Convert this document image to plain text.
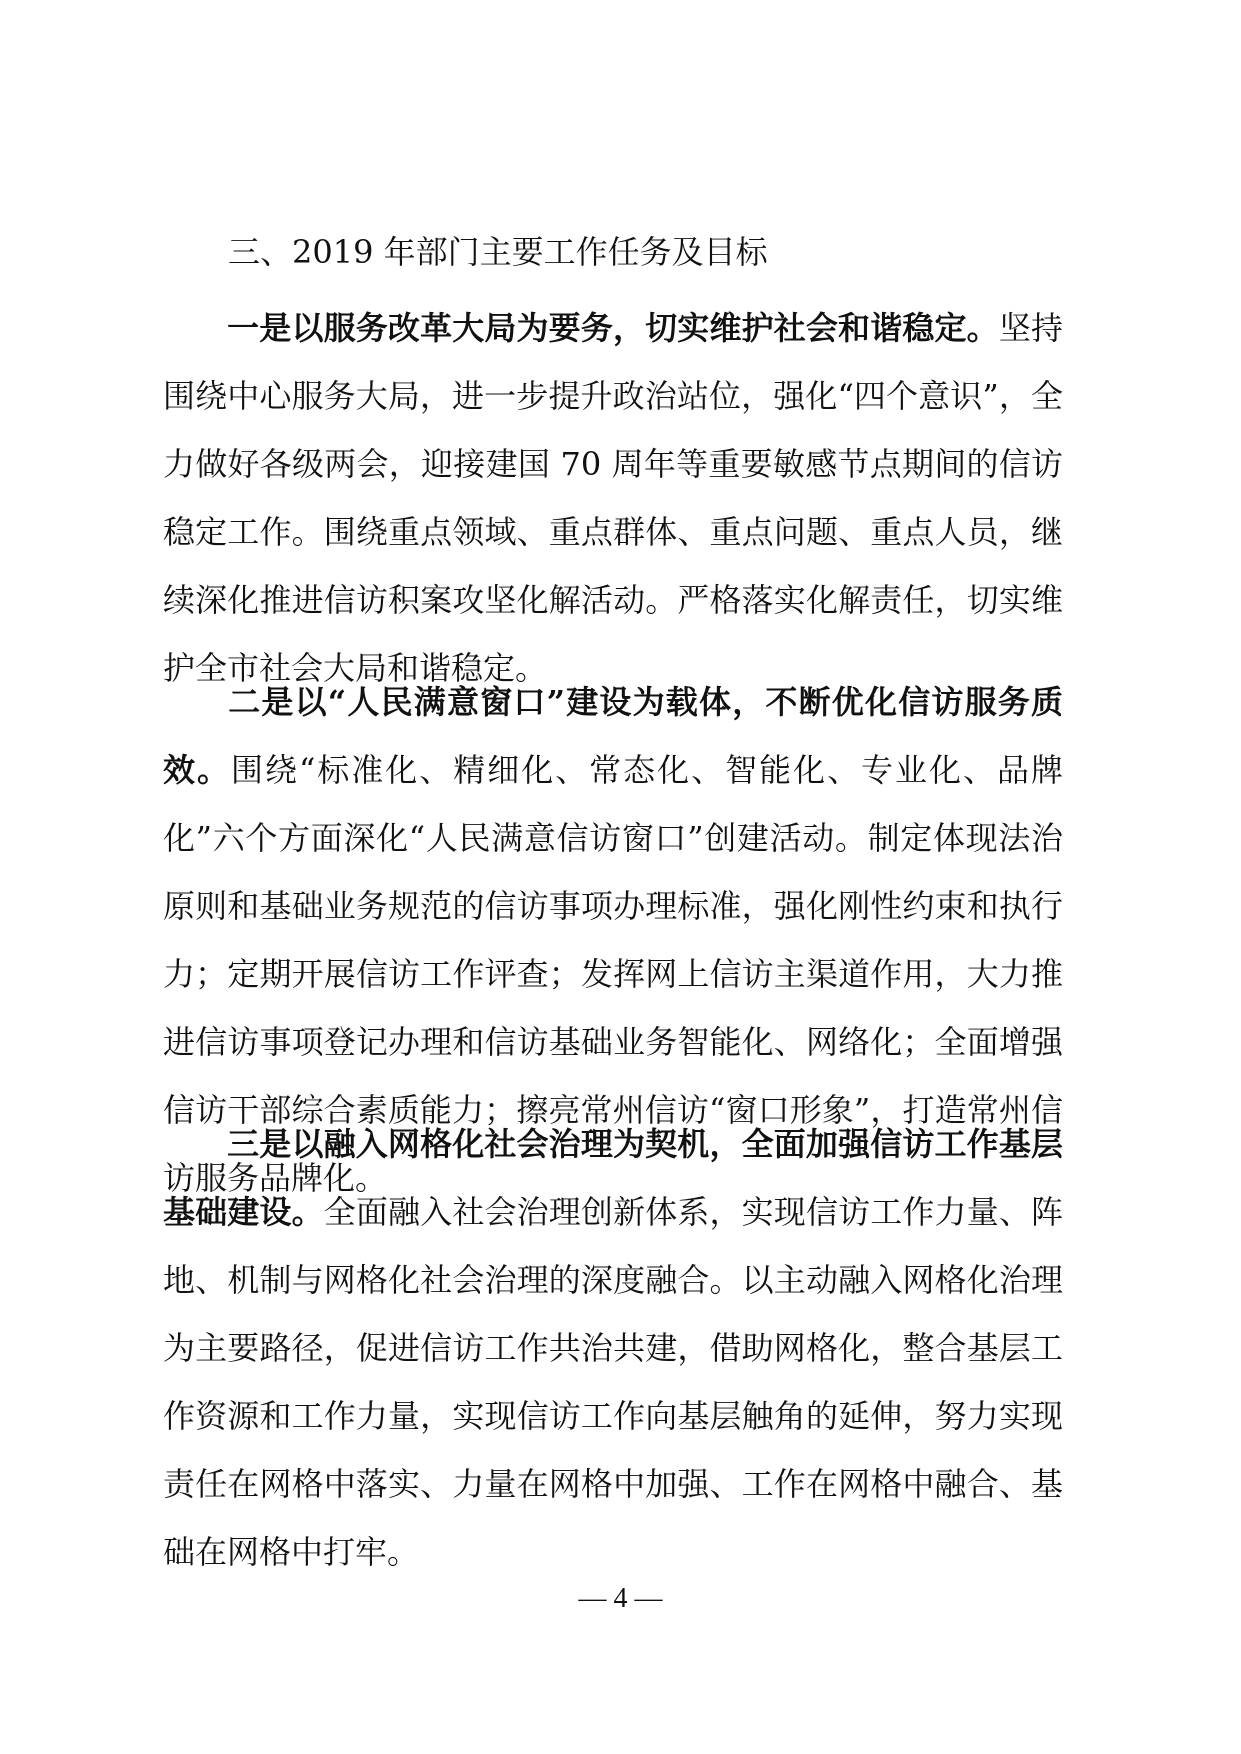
三、2019 年部门主要工作任务及目标
一是以服务改革大局为要务，切实维护社会和谐稳定。坚持围绕中心服务大局，进一步提升政治站位，强化“四个意识”，全力做好各级两会，迎接建国 70 周年等重要敏感节点期间的信访稳定工作。围绕重点领域、重点群体、重点问题、重点人员，继续深化推进信访积案攻坚化解活动。严格落实化解责任，切实维护全市社会大局和谐稳定。
二是以“人民满意窗口”建设为载体，不断优化信访服务质效。围绕“标准化、精细化、常态化、智能化、专业化、品牌化”六个方面深化“人民满意信访窗口”创建活动。制定体现法治原则和基础业务规范的信访事项办理标准，强化刚性约束和执行力；定期开展信访工作评查；发挥网上信访主渠道作用，大力推进信访事项登记办理和信访基础业务智能化、网络化；全面增强信访干部综合素质能力；擦亮常州信访“窗口形象”，打造常州信访服务品牌化。
三是以融入网格化社会治理为契机，全面加强信访工作基层基础建设。全面融入社会治理创新体系，实现信访工作力量、阵地、机制与网格化社会治理的深度融合。以主动融入网格化治理为主要路径，促进信访工作共治共建，借助网格化，整合基层工作资源和工作力量，实现信访工作向基层触角的延伸，努力实现责任在网格中落实、力量在网格中加强、工作在网格中融合、基础在网格中打牢。
— 4 —
